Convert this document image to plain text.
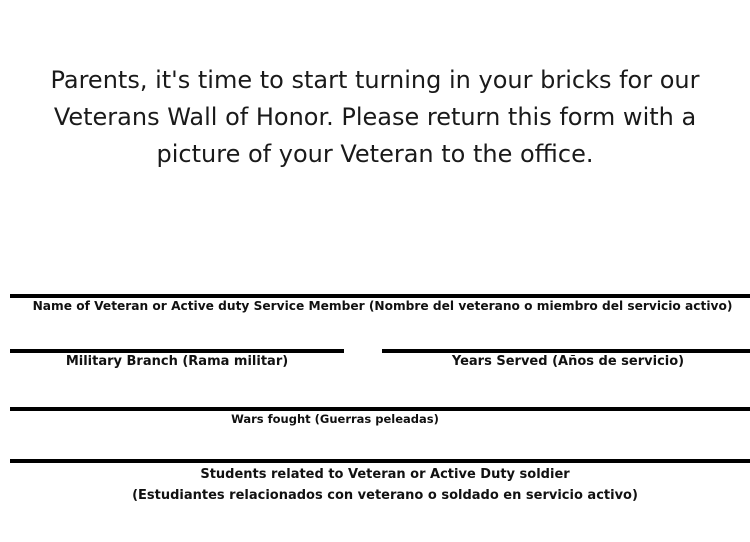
Parents, it's time to start turning in your bricks for our
Veterans Wall of Honor. Please return this form with a
picture of your Veteran to the office.
Name of Veteran or Active duty Service Member (Nombre del veterano o miembro del servicio activo)
Military Branch (Rama militar)	Years Served (Años de servicio)
Wars fought (Guerras peleadas)
Students related to Veteran or Active Duty soldier
(Estudiantes relacionados con veterano o soldado en servicio activo)
